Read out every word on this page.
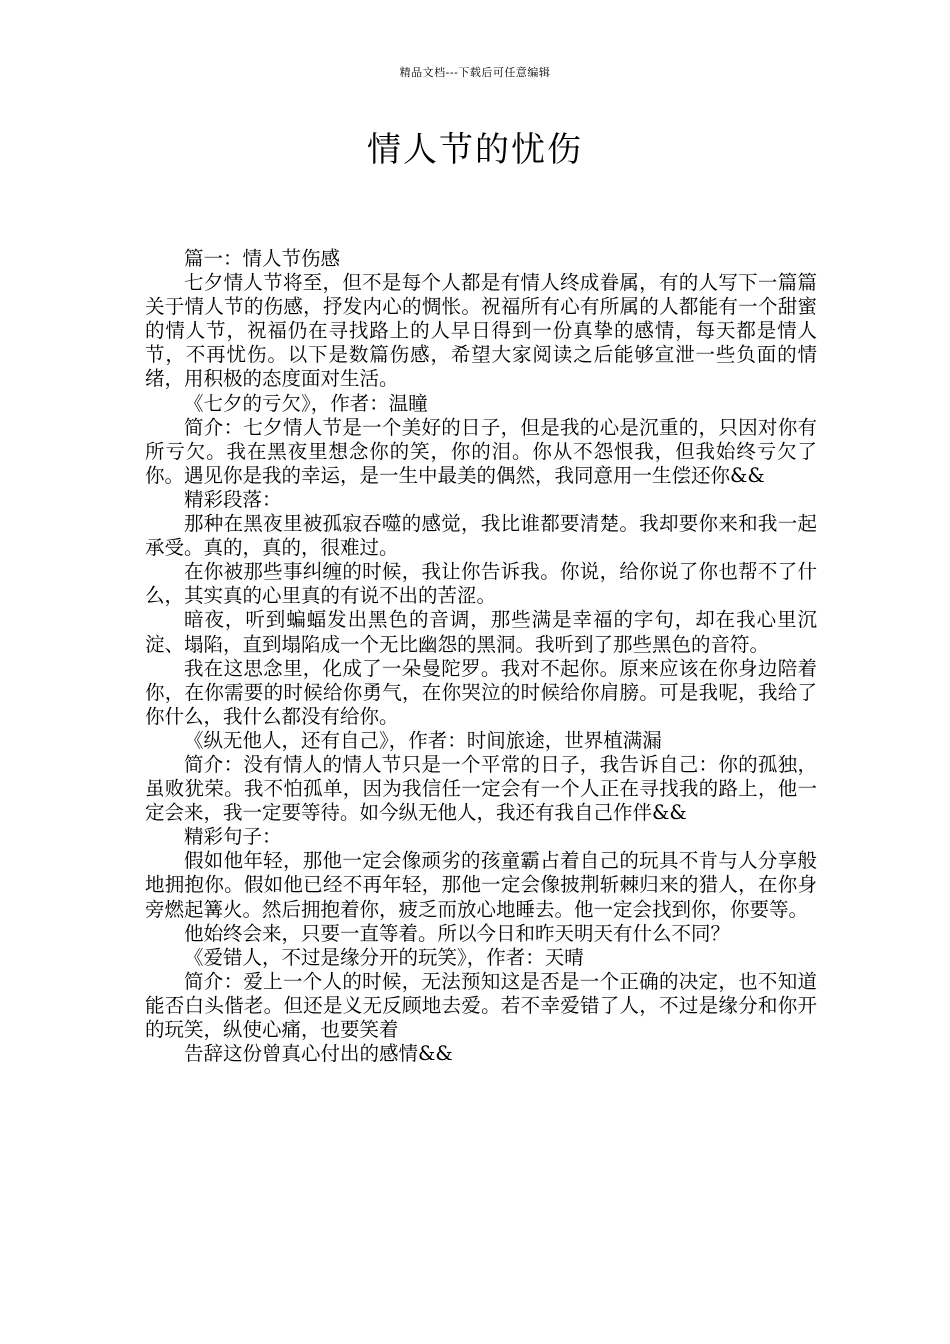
精品文档---下载后可任意编辑
情人节的忧伤

篇一：情人节伤感

七夕情人节将至，但不是每个人都是有情人终成眷属，有的人写下一篇篇关于情人节的伤感，抒发内心的惆怅。祝福所有心有所属的人都能有一个甜蜜的情人节，祝福仍在寻找路上的人早日得到一份真挚的感情，每天都是情人节，不再忧伤。以下是数篇伤感，希望大家阅读之后能够宣泄一些负面的情绪，用积极的态度面对生活。

《七夕的亏欠》，作者：温瞳

简介：七夕情人节是一个美好的日子，但是我的心是沉重的，只因对你有所亏欠。我在黑夜里想念你的笑，你的泪。你从不怨恨我，但我始终亏欠了你。遇见你是我的幸运，是一生中最美的偶然，我同意用一生偿还你&&

精彩段落：

那种在黑夜里被孤寂吞噬的感觉，我比谁都要清楚。我却要你来和我一起承受。真的，真的，很难过。

在你被那些事纠缠的时候，我让你告诉我。你说，给你说了你也帮不了什么，其实真的心里真的有说不出的苦涩。

暗夜，听到蝙蝠发出黑色的音调，那些满是幸福的字句，却在我心里沉淀、塌陷，直到塌陷成一个无比幽怨的黑洞。我听到了那些黑色的音符。

我在这思念里，化成了一朵曼陀罗。我对不起你。原来应该在你身边陪着你，在你需要的时候给你勇气，在你哭泣的时候给你肩膀。可是我呢，我给了你什么，我什么都没有给你。

《纵无他人，还有自己》，作者：时间旅途，世界植满漏

简介：没有情人的情人节只是一个平常的日子，我告诉自己：你的孤独，虽败犹荣。我不怕孤单，因为我信任一定会有一个人正在寻找我的路上，他一定会来，我一定要等待。如今纵无他人，我还有我自己作伴&&

精彩句子：

假如他年轻，那他一定会像顽劣的孩童霸占着自己的玩具不肯与人分享般地拥抱你。假如他已经不再年轻，那他一定会像披荆斩棘归来的猎人，在你身旁燃起篝火。然后拥抱着你，疲乏而放心地睡去。他一定会找到你，你要等。

他始终会来，只要一直等着。所以今日和昨天明天有什么不同？

《爱错人，不过是缘分开的玩笑》，作者：天晴

简介：爱上一个人的时候，无法预知这是否是一个正确的决定，也不知道能否白头偕老。但还是义无反顾地去爱。若不幸爱错了人，不过是缘分和你开的玩笑，纵使心痛，也要笑着

告辞这份曾真心付出的感情&&
